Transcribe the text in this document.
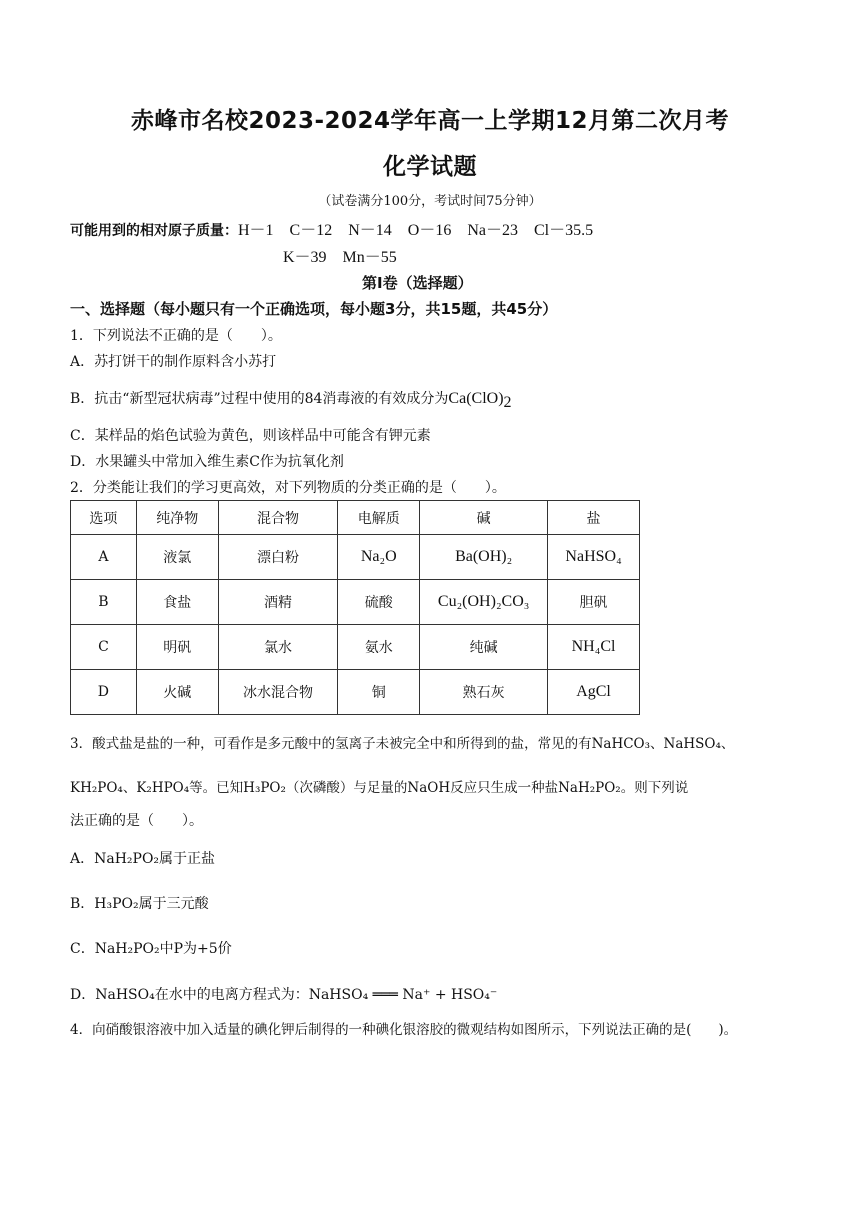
赤峰市名校2023-2024学年高一上学期12月第二次月考
化学试题
（试卷满分100分，考试时间75分钟）
可能用到的相对原子质量：H－1　C－12　N－14　O－16　Na－23　Cl－35.5
K－39　Mn－55
第Ⅰ卷（选择题）
一、选择题（每小题只有一个正确选项，每小题3分，共15题，共45分）
1．下列说法不正确的是（　　）。
A．苏打饼干的制作原料含小苏打
B．抗击“新型冠状病毒”过程中使用的84消毒液的有效成分为$Ca(ClO)_2$
C．某样品的焰色试验为黄色，则该样品中可能含有钾元素
D．水果罐头中常加入维生素C作为抗氧化剂
2．分类能让我们的学习更高效，对下列物质的分类正确的是（　　）。
选项	纯净物	混合物	电解质	碱	盐
A	液氯	漂白粉	Na₂O	Ba(OH)₂	NaHSO₄
B	食盐	酒精	硫酸	Cu₂(OH)₂CO₃	胆矾
C	明矾	氯水	氨水	纯碱	NH₄Cl
D	火碱	冰水混合物	铜	熟石灰	AgCl
3．酸式盐是盐的一种，可看作是多元酸中的氢离子未被完全中和所得到的盐，常见的有NaHCO₃、NaHSO₄、
KH₂PO₄、K₂HPO₄等。已知H₃PO₂（次磷酸）与足量的NaOH反应只生成一种盐NaH₂PO₂。则下列说
法正确的是（　　）。
A．NaH₂PO₂属于正盐
B．H₃PO₂属于三元酸
C．NaH₂PO₂中P为+5价
D．NaHSO₄在水中的电离方程式为：NaHSO₄ ═══ Na⁺ + HSO₄⁻
4．向硝酸银溶液中加入适量的碘化钾后制得的一种碘化银溶胶的微观结构如图所示，下列说法正确的是(　　)。
